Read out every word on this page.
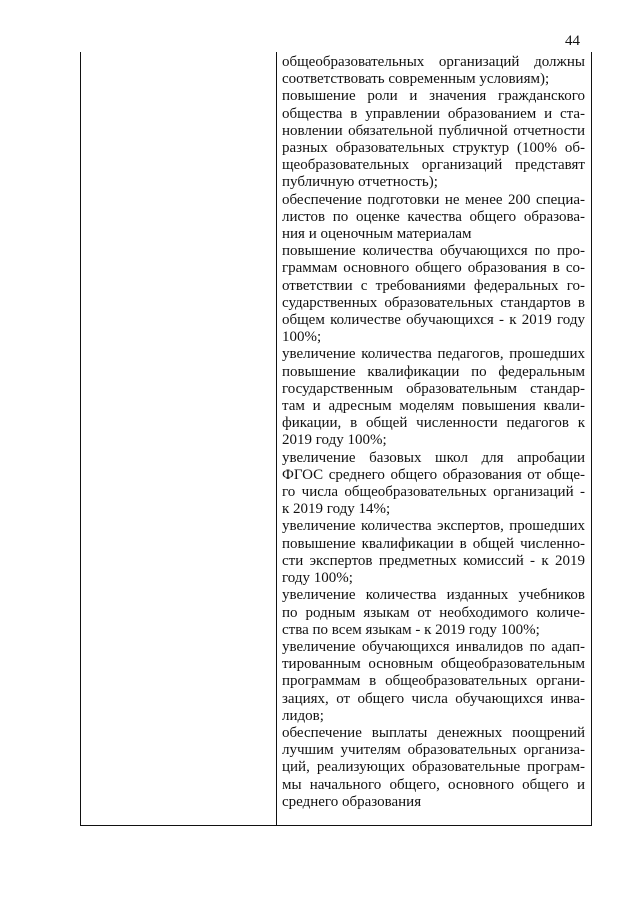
44
общеобразовательных организаций должны
соответствовать современным условиям);
повышение роли и значения гражданского
общества в управлении образованием и ста-
новлении обязательной публичной отчетности
разных образовательных структур (100% об-
щеобразовательных организаций представят
публичную отчетность);
обеспечение подготовки не менее 200 специа-
листов по оценке качества общего образова-
ния и оценочным материалам
повышение количества обучающихся по про-
граммам основного общего образования в со-
ответствии с требованиями федеральных го-
сударственных образовательных стандартов в
общем количестве обучающихся - к 2019 году
100%;
увеличение количества педагогов, прошедших
повышение квалификации по федеральным
государственным образовательным стандар-
там и адресным моделям повышения квали-
фикации, в общей численности педагогов к
2019 году 100%;
увеличение базовых школ для апробации
ФГОС среднего общего образования от обще-
го числа общеобразовательных организаций -
к 2019 году 14%;
увеличение количества экспертов, прошедших
повышение квалификации в общей численно-
сти экспертов предметных комиссий - к 2019
году 100%;
увеличение количества изданных учебников
по родным языкам от необходимого количе-
ства по всем языкам - к 2019 году 100%;
увеличение обучающихся инвалидов по адап-
тированным основным общеобразовательным
программам в общеобразовательных органи-
зациях, от общего числа обучающихся инва-
лидов;
обеспечение выплаты денежных поощрений
лучшим учителям образовательных организа-
ций, реализующих образовательные програм-
мы начального общего, основного общего и
среднего образования
